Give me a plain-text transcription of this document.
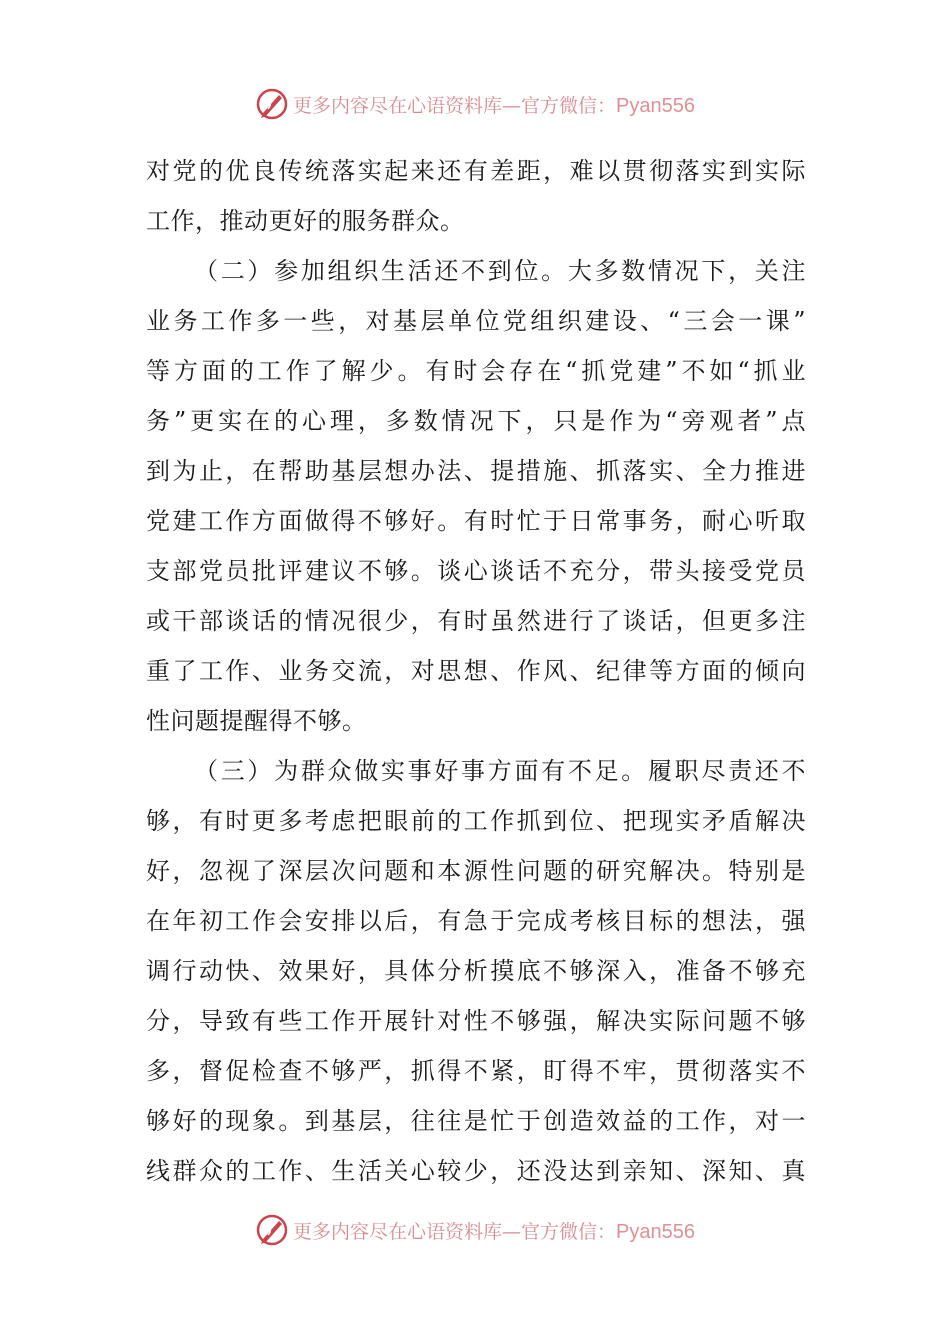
更多内容尽在心语资料库—官方微信：Pyan556
对党的优良传统落实起来还有差距，难以贯彻落实到实际
工作，推动更好的服务群众。
（二）参加组织生活还不到位。大多数情况下，关注
业务工作多一些，对基层单位党组织建设、“三会一课”
等方面的工作了解少。有时会存在“抓党建”不如“抓业
务”更实在的心理，多数情况下，只是作为“旁观者”点
到为止，在帮助基层想办法、提措施、抓落实、全力推进
党建工作方面做得不够好。有时忙于日常事务，耐心听取
支部党员批评建议不够。谈心谈话不充分，带头接受党员
或干部谈话的情况很少，有时虽然进行了谈话，但更多注
重了工作、业务交流，对思想、作风、纪律等方面的倾向
性问题提醒得不够。
（三）为群众做实事好事方面有不足。履职尽责还不
够，有时更多考虑把眼前的工作抓到位、把现实矛盾解决
好，忽视了深层次问题和本源性问题的研究解决。特别是
在年初工作会安排以后，有急于完成考核目标的想法，强
调行动快、效果好，具体分析摸底不够深入，准备不够充
分，导致有些工作开展针对性不够强，解决实际问题不够
多，督促检查不够严，抓得不紧，盯得不牢，贯彻落实不
够好的现象。到基层，往往是忙于创造效益的工作，对一
线群众的工作、生活关心较少，还没达到亲知、深知、真
更多内容尽在心语资料库—官方微信：Pyan556
